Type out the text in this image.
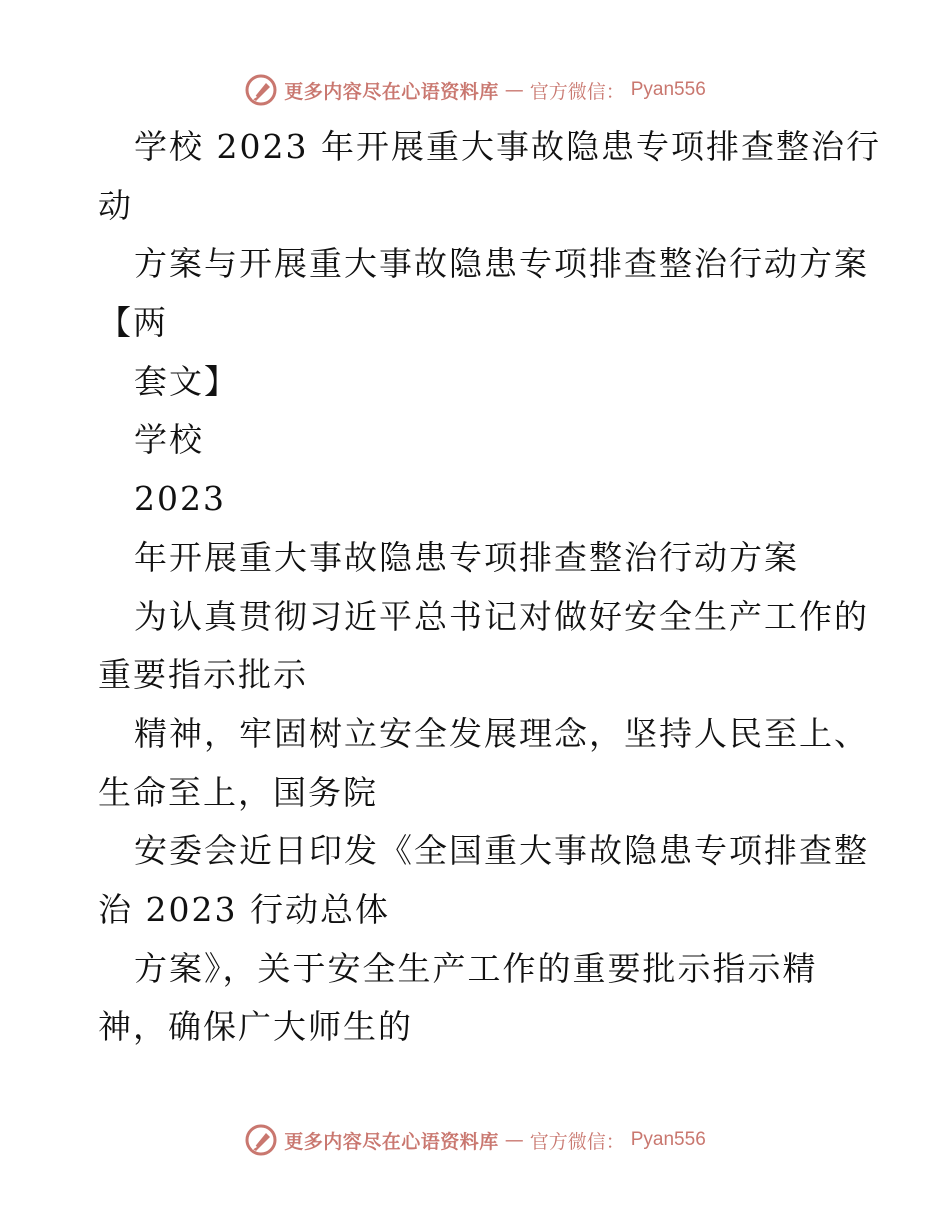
更多内容尽在心语资料库 — 官方微信： Pyan556
学校 2023 年开展重大事故隐患专项排查整治行
动
方案与开展重大事故隐患专项排查整治行动方案
【两
套文】
学校
2023
年开展重大事故隐患专项排查整治行动方案
为认真贯彻习近平总书记对做好安全生产工作的
重要指示批示
精神，牢固树立安全发展理念，坚持人民至上、
生命至上，国务院
安委会近日印发《全国重大事故隐患专项排查整
治 2023 行动总体
方案》，关于安全生产工作的重要批示指示精
神，确保广大师生的
更多内容尽在心语资料库 — 官方微信： Pyan556
